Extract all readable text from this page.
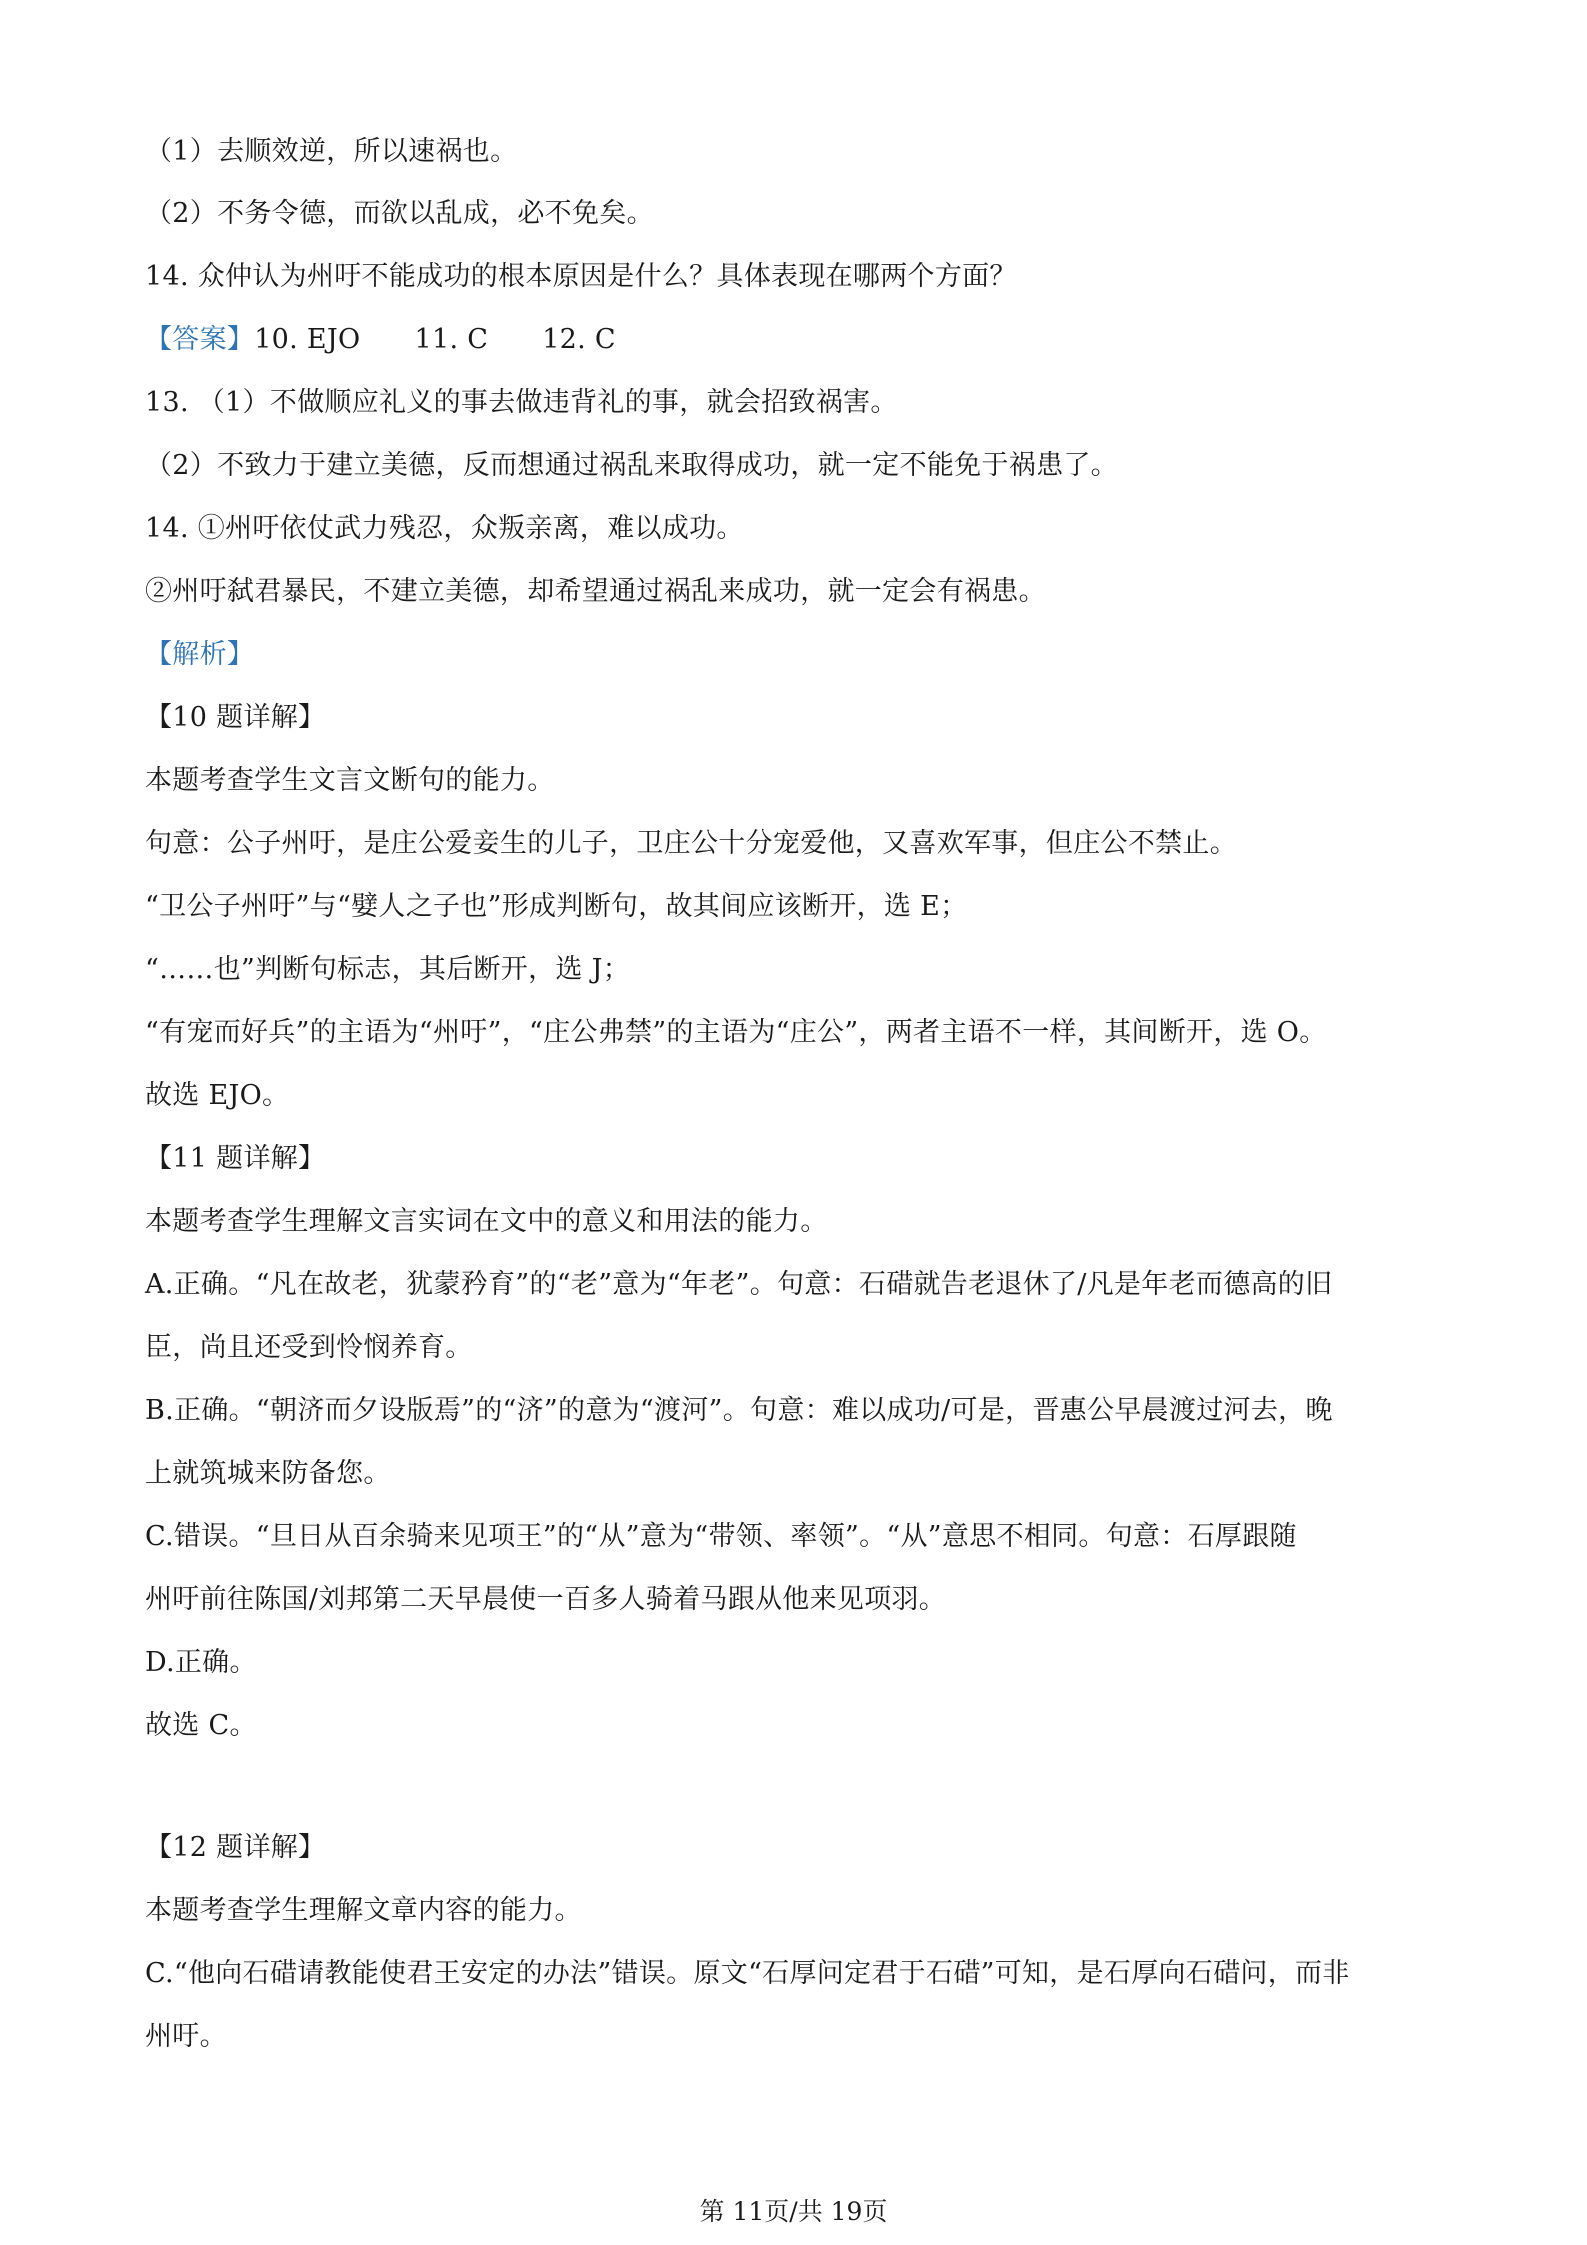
（1）去顺效逆，所以速祸也。
（2）不务令德，而欲以乱成，必不免矣。
14. 众仲认为州吁不能成功的根本原因是什么？具体表现在哪两个方面？
【答案】10. EJO 11. C 12. C
13. （1）不做顺应礼义的事去做违背礼的事，就会招致祸害。
（2）不致力于建立美德，反而想通过祸乱来取得成功，就一定不能免于祸患了。
14. ①州吁依仗武力残忍，众叛亲离，难以成功。
②州吁弑君暴民，不建立美德，却希望通过祸乱来成功，就一定会有祸患。
【解析】
【10 题详解】
本题考查学生文言文断句的能力。
句意：公子州吁，是庄公爱妾生的儿子，卫庄公十分宠爱他，又喜欢军事，但庄公不禁止。
“卫公子州吁”与“嬖人之子也”形成判断句，故其间应该断开，选 E；
“……也”判断句标志，其后断开，选 J；
“有宠而好兵”的主语为“州吁”，“庄公弗禁”的主语为“庄公”，两者主语不一样，其间断开，选 O。
故选 EJO。
【11 题详解】
本题考查学生理解文言实词在文中的意义和用法的能力。
A.正确。“凡在故老，犹蒙矜育”的“老”意为“年老”。句意：石碏就告老退休了/凡是年老而德高的旧
臣，尚且还受到怜悯养育。
B.正确。“朝济而夕设版焉”的“济”的意为“渡河”。句意：难以成功/可是，晋惠公早晨渡过河去，晚
上就筑城来防备您。
C.错误。“旦日从百余骑来见项王”的“从”意为“带领、率领”。“从”意思不相同。句意：石厚跟随
州吁前往陈国/刘邦第二天早晨使一百多人骑着马跟从他来见项羽。
D.正确。
故选 C。
【12 题详解】
本题考查学生理解文章内容的能力。
C.“他向石碏请教能使君王安定的办法”错误。原文“石厚问定君于石碏”可知，是石厚向石碏问，而非
州吁。
第 11页/共 19页
